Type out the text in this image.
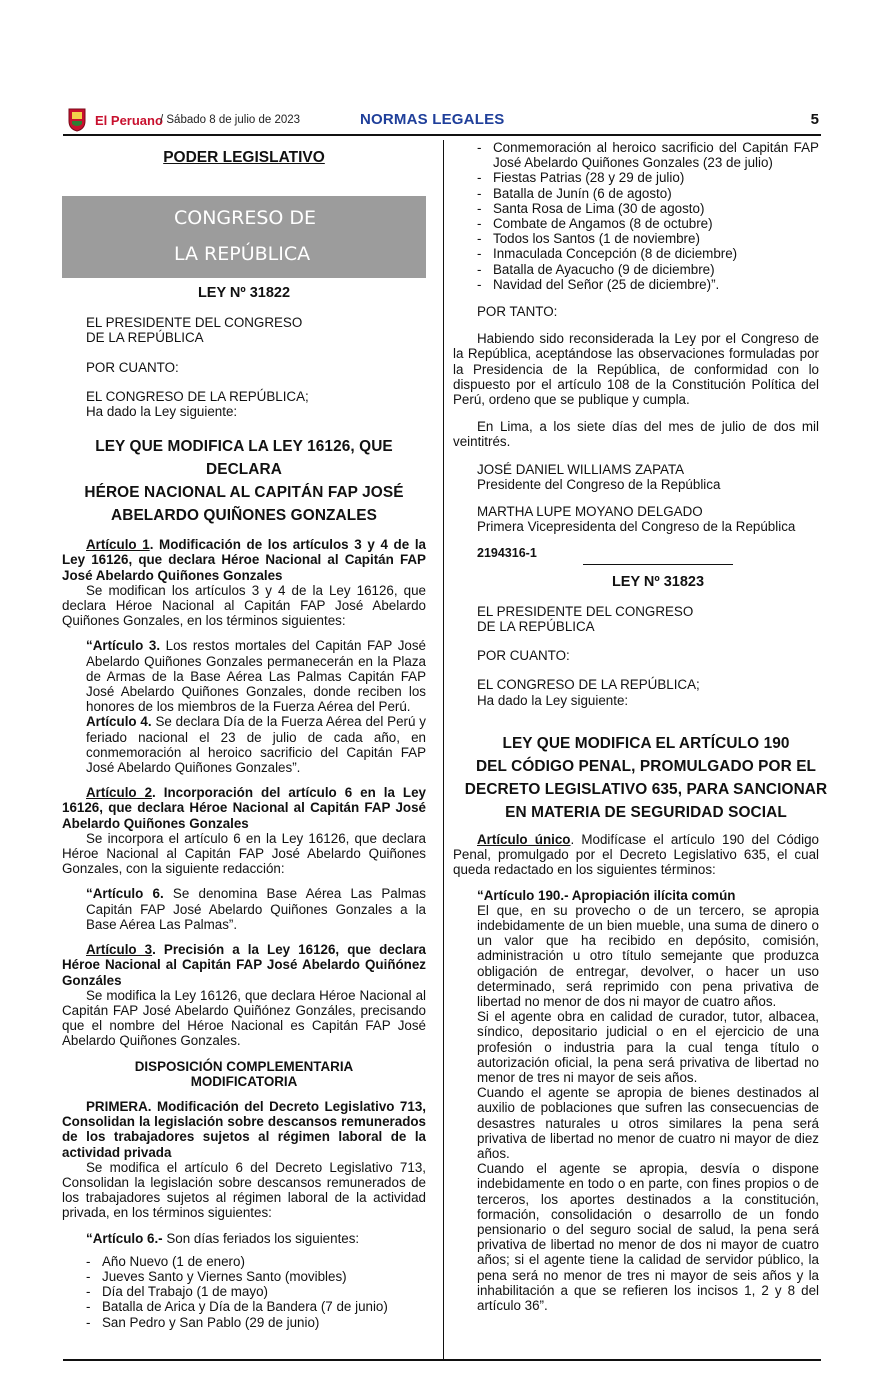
El Peruano
/ Sábado 8 de julio de 2023	NORMAS LEGALES	5

PODER LEGISLATIVO

CONGRESO DE
LA REPÚBLICA

LEY Nº 31822

EL PRESIDENTE DEL CONGRESO

DE LA REPÚBLICA

POR CUANTO:

EL CONGRESO DE LA REPÚBLICA;

Ha dado la Ley siguiente:

LEY QUE MODIFICA LA LEY 16126, QUE DECLARA
HÉROE NACIONAL AL CAPITÁN FAP JOSÉ
ABELARDO QUIÑONES GONZALES

Artículo 1. Modificación de los artículos 3 y 4 de la Ley 16126, que declara Héroe Nacional al Capitán FAP José Abelardo Quiñones Gonzales

Se modifican los artículos 3 y 4 de la Ley 16126, que declara Héroe Nacional al Capitán FAP José Abelardo Quiñones Gonzales, en los términos siguientes:

“Artículo 3. Los restos mortales del Capitán FAP José Abelardo Quiñones Gonzales permanecerán en la Plaza de Armas de la Base Aérea Las Palmas Capitán FAP José Abelardo Quiñones Gonzales, donde reciben los honores de los miembros de la Fuerza Aérea del Perú.

Artículo 4. Se declara Día de la Fuerza Aérea del Perú y feriado nacional el 23 de julio de cada año, en conmemoración al heroico sacrificio del Capitán FAP José Abelardo Quiñones Gonzales”.

Artículo 2. Incorporación del artículo 6 en la Ley 16126, que declara Héroe Nacional al Capitán FAP José Abelardo Quiñones Gonzales

Se incorpora el artículo 6 en la Ley 16126, que declara Héroe Nacional al Capitán FAP José Abelardo Quiñones Gonzales, con la siguiente redacción:

“Artículo 6. Se denomina Base Aérea Las Palmas Capitán FAP José Abelardo Quiñones Gonzales a la Base Aérea Las Palmas”.

Artículo 3. Precisión a la Ley 16126, que declara Héroe Nacional al Capitán FAP José Abelardo Quiñónez Gonzáles

Se modifica la Ley 16126, que declara Héroe Nacional al Capitán FAP José Abelardo Quiñónez Gonzáles, precisando que el nombre del Héroe Nacional es Capitán FAP José Abelardo Quiñones Gonzales.

DISPOSICIÓN COMPLEMENTARIA

MODIFICATORIA

PRIMERA. Modificación del Decreto Legislativo 713, Consolidan la legislación sobre descansos remunerados de los trabajadores sujetos al régimen laboral de la actividad privada

Se modifica el artículo 6 del Decreto Legislativo 713, Consolidan la legislación sobre descansos remunerados de los trabajadores sujetos al régimen laboral de la actividad privada, en los términos siguientes:

“Artículo 6.- Son días feriados los siguientes:

- Año Nuevo (1 de enero)
- Jueves Santo y Viernes Santo (movibles)
- Día del Trabajo (1 de mayo)
- Batalla de Arica y Día de la Bandera (7 de junio)
- San Pedro y San Pablo (29 de junio)
- Conmemoración al heroico sacrificio del Capitán FAP José Abelardo Quiñones Gonzales (23 de julio)
- Fiestas Patrias (28 y 29 de julio)
- Batalla de Junín (6 de agosto)
- Santa Rosa de Lima (30 de agosto)
- Combate de Angamos (8 de octubre)
- Todos los Santos (1 de noviembre)
- Inmaculada Concepción (8 de diciembre)
- Batalla de Ayacucho (9 de diciembre)
- Navidad del Señor (25 de diciembre)”.

POR TANTO:

Habiendo sido reconsiderada la Ley por el Congreso de la República, aceptándose las observaciones formuladas por la Presidencia de la República, de conformidad con lo dispuesto por el artículo 108 de la Constitución Política del Perú, ordeno que se publique y cumpla.

En Lima, a los siete días del mes de julio de dos mil veintitrés.

JOSÉ DANIEL WILLIAMS ZAPATA

Presidente del Congreso de la República

MARTHA LUPE MOYANO DELGADO

Primera Vicepresidenta del Congreso de la República

2194316-1

LEY Nº 31823

EL PRESIDENTE DEL CONGRESO

DE LA REPÚBLICA

POR CUANTO:

EL CONGRESO DE LA REPÚBLICA;

Ha dado la Ley siguiente:

LEY QUE MODIFICA EL ARTÍCULO 190
DEL CÓDIGO PENAL, PROMULGADO POR EL
DECRETO LEGISLATIVO 635, PARA SANCIONAR
EN MATERIA DE SEGURIDAD SOCIAL

Artículo único. Modifícase el artículo 190 del Código Penal, promulgado por el Decreto Legislativo 635, el cual queda redactado en los siguientes términos:

“Artículo 190.- Apropiación ilícita común

El que, en su provecho o de un tercero, se apropia indebidamente de un bien mueble, una suma de dinero o un valor que ha recibido en depósito, comisión, administración u otro título semejante que produzca obligación de entregar, devolver, o hacer un uso determinado, será reprimido con pena privativa de libertad no menor de dos ni mayor de cuatro años.

Si el agente obra en calidad de curador, tutor, albacea, síndico, depositario judicial o en el ejercicio de una profesión o industria para la cual tenga título o autorización oficial, la pena será privativa de libertad no menor de tres ni mayor de seis años.

Cuando el agente se apropia de bienes destinados al auxilio de poblaciones que sufren las consecuencias de desastres naturales u otros similares la pena será privativa de libertad no menor de cuatro ni mayor de diez años.

Cuando el agente se apropia, desvía o dispone indebidamente en todo o en parte, con fines propios o de terceros, los aportes destinados a la constitución, formación, consolidación o desarrollo de un fondo pensionario o del seguro social de salud, la pena será privativa de libertad no menor de dos ni mayor de cuatro años; si el agente tiene la calidad de servidor público, la pena será no menor de tres ni mayor de seis años y la inhabilitación a que se refieren los incisos 1, 2 y 8 del artículo 36”.
